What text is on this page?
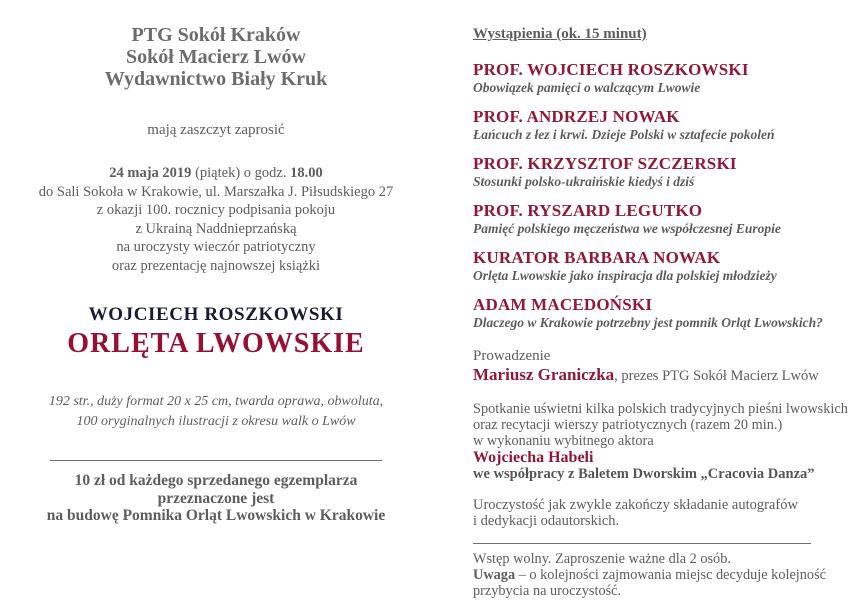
PTG Sokół Kraków
Sokół Macierz Lwów
Wydawnictwo Biały Kruk
mają zaszczyt zaprosić
24 maja 2019 (piątek) o godz. 18.00
do Sali Sokoła w Krakowie, ul. Marszałka J. Piłsudskiego 27
z okazji 100. rocznicy podpisania pokoju
z Ukrainą Naddnieprzańską
na uroczysty wieczór patriotyczny
oraz prezentację najnowszej książki
WOJCIECH ROSZKOWSKI
ORLĘTA LWOWSKIE
192 str., duży format 20 x 25 cm, twarda oprawa, obwoluta,
100 oryginalnych ilustracji z okresu walk o Lwów
10 zł od każdego sprzedanego egzemplarza
przeznaczone jest
na budowę Pomnika Orląt Lwowskich w Krakowie
Wystąpienia (ok. 15 minut)
PROF. WOJCIECH ROSZKOWSKI
Obowiązek pamięci o walczącym Lwowie
PROF. ANDRZEJ NOWAK
Łańcuch z łez i krwi. Dzieje Polski w sztafecie pokoleń
PROF. KRZYSZTOF SZCZERSKI
Stosunki polsko-ukraińskie kiedyś i dziś
PROF. RYSZARD LEGUTKO
Pamięć polskiego męczeństwa we współczesnej Europie
KURATOR BARBARA NOWAK
Orlęta Lwowskie jako inspiracja dla polskiej młodzieży
ADAM MACEDOŃSKI
Dlaczego w Krakowie potrzebny jest pomnik Orląt Lwowskich?
Prowadzenie
Mariusz Graniczka, prezes PTG Sokół Macierz Lwów
Spotkanie uświetni kilka polskich tradycyjnych pieśni lwowskich
oraz recytacji wierszy patriotycznych (razem 20 min.)
w wykonaniu wybitnego aktora
Wojciecha Habeli
we współpracy z Baletem Dworskim „Cracovia Danza”
Uroczystość jak zwykle zakończy składanie autografów
i dedykacji odautorskich.
Wstęp wolny. Zaproszenie ważne dla 2 osób.
Uwaga – o kolejności zajmowania miejsc decyduje kolejność
przybycia na uroczystość.
